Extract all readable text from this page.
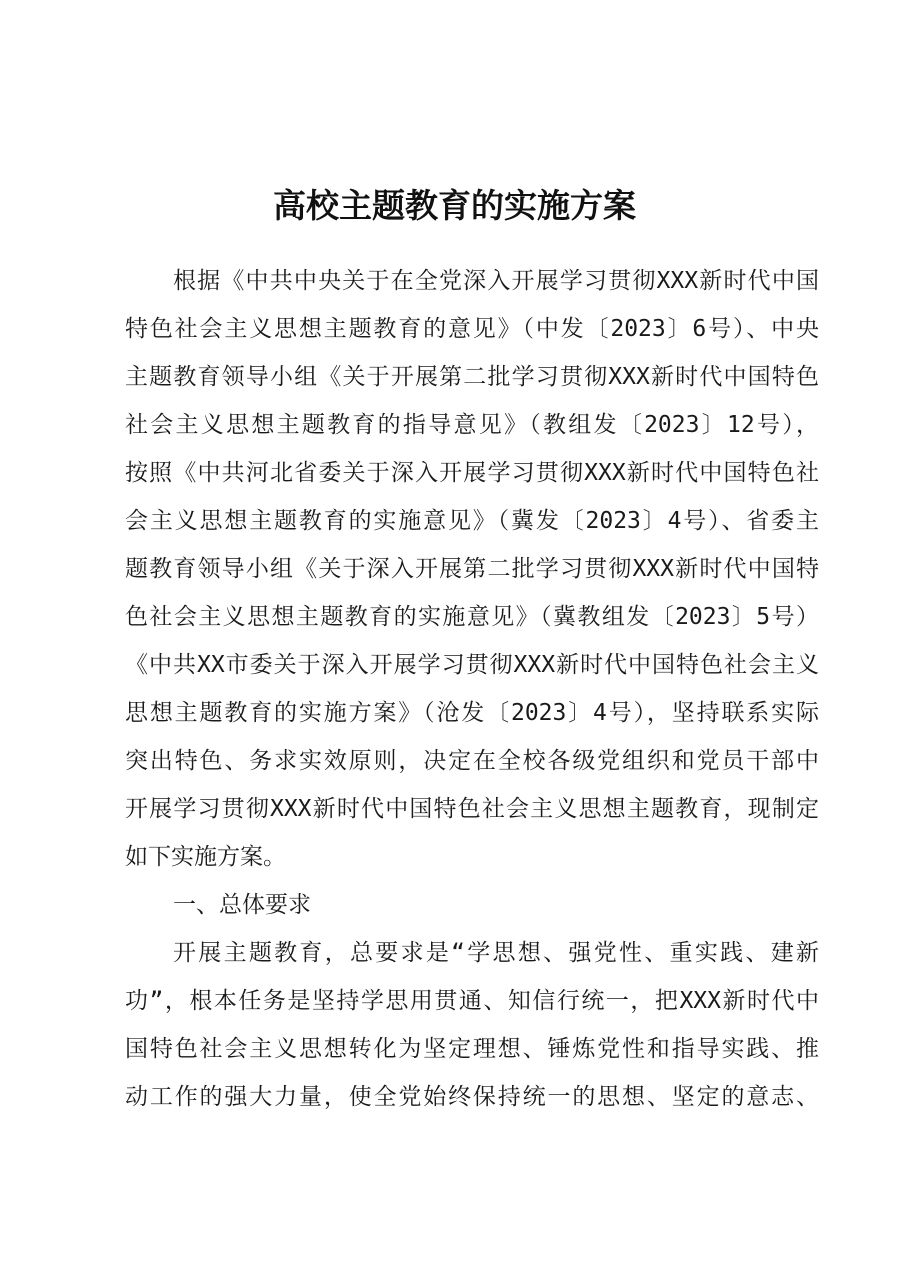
高校主题教育的实施方案
根据《中共中央关于在全党深入开展学习贯彻XXX新时代中国
特色社会主义思想主题教育的意见》（中发〔2023〕6号）、中央
主题教育领导小组《关于开展第二批学习贯彻XXX新时代中国特色
社会主义思想主题教育的指导意见》（教组发〔2023〕12号），
按照《中共河北省委关于深入开展学习贯彻XXX新时代中国特色社
会主义思想主题教育的实施意见》（冀发〔2023〕4号）、省委主
题教育领导小组《关于深入开展第二批学习贯彻XXX新时代中国特
色社会主义思想主题教育的实施意见》（冀教组发〔2023〕5号）
《中共XX市委关于深入开展学习贯彻XXX新时代中国特色社会主义
思想主题教育的实施方案》（沧发〔2023〕4号），坚持联系实际
突出特色、务求实效原则，决定在全校各级党组织和党员干部中
开展学习贯彻XXX新时代中国特色社会主义思想主题教育，现制定
如下实施方案。
一、总体要求
开展主题教育，总要求是“学思想、强党性、重实践、建新
功”，根本任务是坚持学思用贯通、知信行统一，把XXX新时代中
国特色社会主义思想转化为坚定理想、锤炼党性和指导实践、推
动工作的强大力量，使全党始终保持统一的思想、坚定的意志、
